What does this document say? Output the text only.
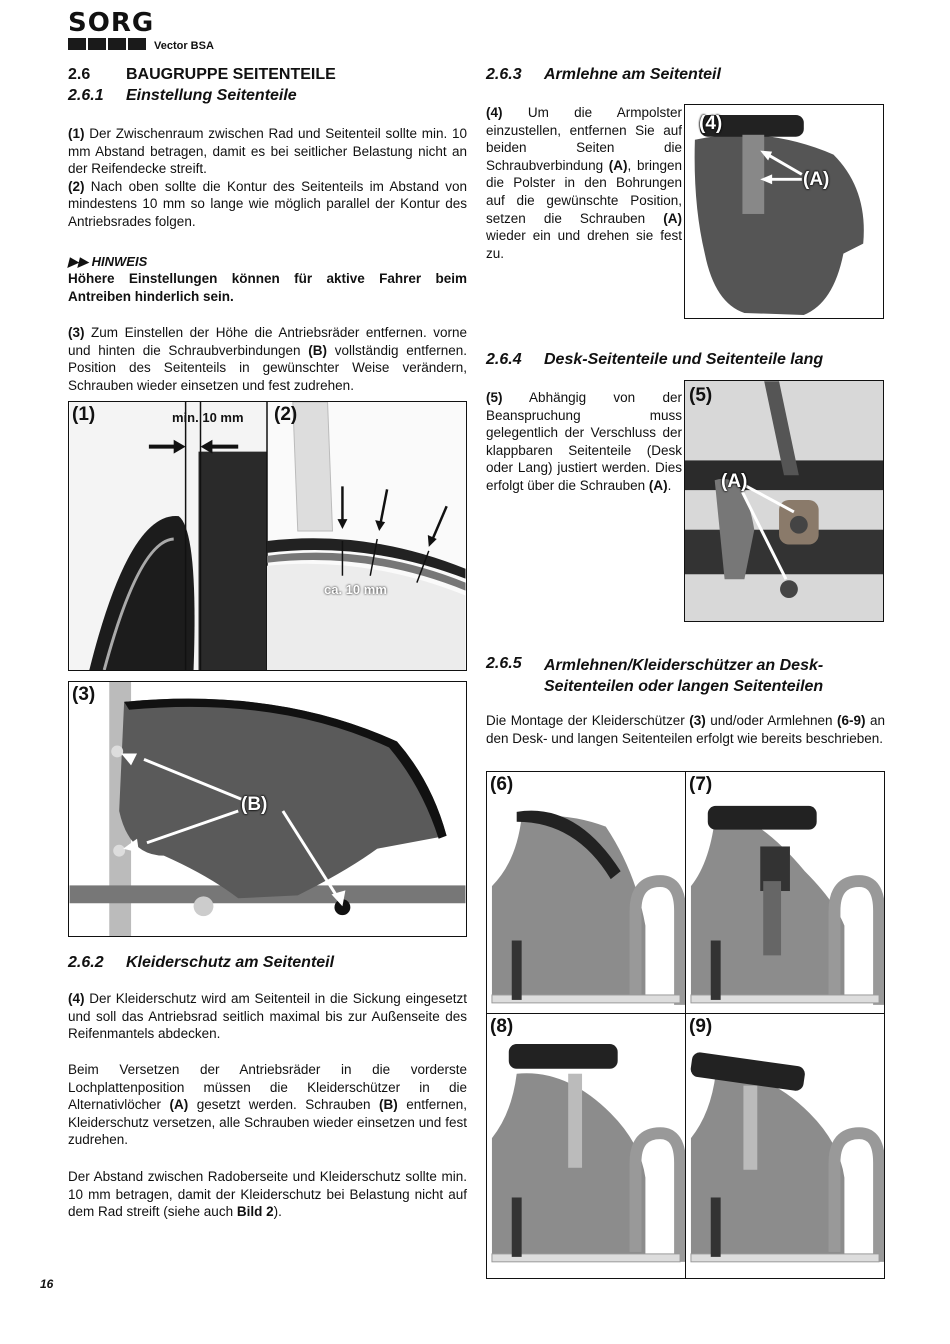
SORG
Vector BSA
2.6 BAUGRUPPE SEITENTEILE
2.6.1 Einstellung Seitenteile

(1) Der Zwischenraum zwischen Rad und Seitenteil sollte min. 10 mm Abstand betragen, damit es bei seitlicher Belastung nicht an der Reifendecke streift.
(2) Nach oben sollte die Kontur des Seitenteils im Abstand von mindestens 10 mm so lange wie möglich parallel der Kontur des Antriebsrades folgen.

▶▶ HINWEIS

Höhere Einstellungen können für aktive Fahrer beim Antreiben hinderlich sein.

(3) Zum Einstellen der Höhe die Antriebsräder entfernen. vorne und hinten die Schraubverbindungen (B) vollständig entfernen. Position des Seitenteils in gewünschter Weise verändern, Schrauben wieder einsetzen und fest zudrehen.

(1)	min. 10 mm (2)
ca. 10 mm
(3)
(B)
2.6.2 Kleiderschutz am Seitenteil

(4) Der Kleiderschutz wird am Seitenteil in die Sickung eingesetzt und soll das Antriebsrad seitlich maximal bis zur Außenseite des Reifenmantels abdecken.

Beim Versetzen der Antriebsräder in die vorderste Lochplattenposition müssen die Kleiderschützer in die Alternativlöcher (A) gesetzt werden. Schrauben (B) entfernen, Kleiderschutz versetzen, alle Schrauben wieder einsetzen und fest zudrehen.

Der Abstand zwischen Radoberseite und Kleiderschutz sollte min. 10 mm betragen, damit der Kleiderschutz bei Belastung nicht auf dem Rad streift (siehe auch Bild 2).

2.6.3 Armlehne am Seitenteil

(4) Um die Armpolster einzustellen, entfernen Sie auf beiden Seiten die Schraubverbindung (A), bringen die Polster in den Bohrungen auf die gewünschte Position, setzen die Schrauben (A) wieder ein und drehen sie fest zu.

(4)
(A)
2.6.4 Desk-Seitenteile und Seitenteile lang

(5) Abhängig von der Beanspruchung muss gelegentlich der Verschluss der klappbaren Seitenteile (Desk oder Lang) justiert werden. Dies erfolgt über die Schrauben (A).

(5)
(A)
2.6.5 Armlehnen/Kleiderschützer an Desk-Seitenteilen oder langen Seitenteilen

Die Montage der Kleiderschützer (3) und/oder Armlehnen (6-9) an den Desk- und langen Seitenteilen erfolgt wie bereits beschrieben.

(6)	(7)
(8)	(9)
16
